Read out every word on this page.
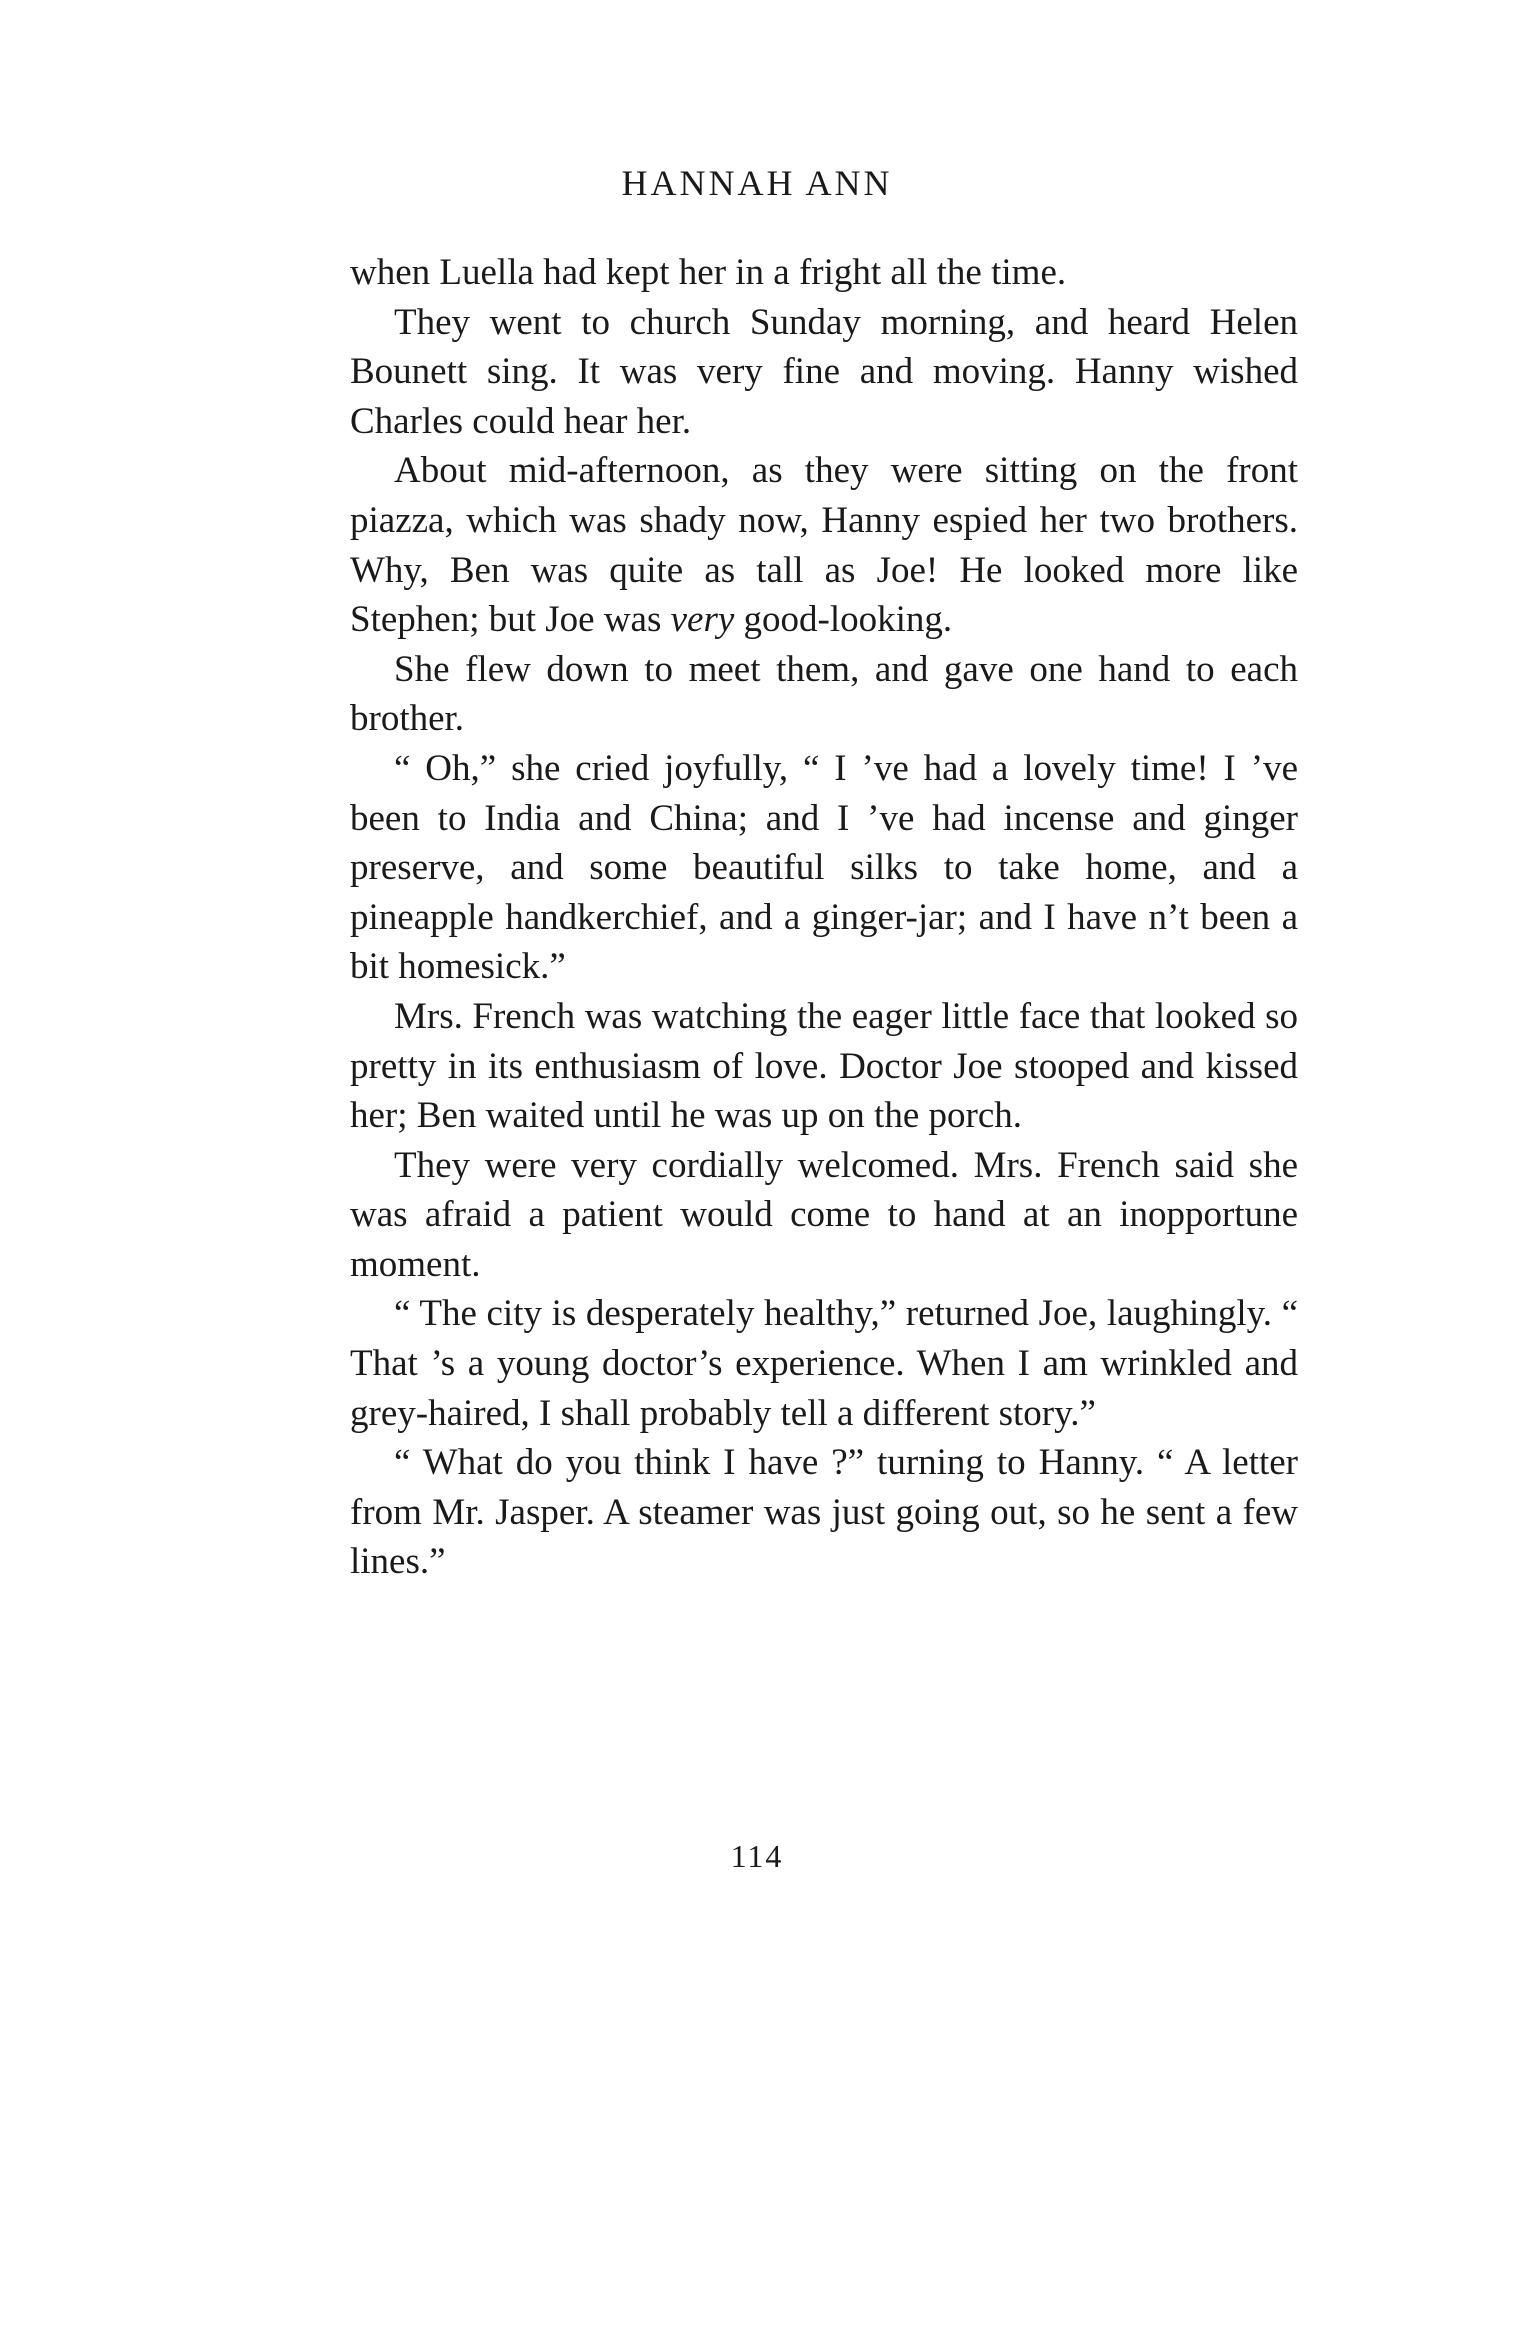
HANNAH ANN

when Luella had kept her in a fright all the time.

They went to church Sunday morning, and heard Helen Bounett sing. It was very fine and moving. Hanny wished Charles could hear her.

About mid-afternoon, as they were sitting on the front piazza, which was shady now, Hanny espied her two brothers. Why, Ben was quite as tall as Joe! He looked more like Stephen; but Joe was very good-looking.

She flew down to meet them, and gave one hand to each brother.

“ Oh,” she cried joyfully, “ I ’ve had a lovely time! I ’ve been to India and China; and I ’ve had incense and ginger preserve, and some beautiful silks to take home, and a pineapple handkerchief, and a ginger-jar; and I have n’t been a bit homesick.”

Mrs. French was watching the eager little face that looked so pretty in its enthusiasm of love. Doctor Joe stooped and kissed her; Ben waited until he was up on the porch.

They were very cordially welcomed. Mrs. French said she was afraid a patient would come to hand at an inopportune moment.

“ The city is desperately healthy,” returned Joe, laughingly. “ That ’s a young doctor’s experience. When I am wrinkled and grey-haired, I shall probably tell a different story.”

“ What do you think I have ?” turning to Hanny. “ A letter from Mr. Jasper. A steamer was just going out, so he sent a few lines.”

114
